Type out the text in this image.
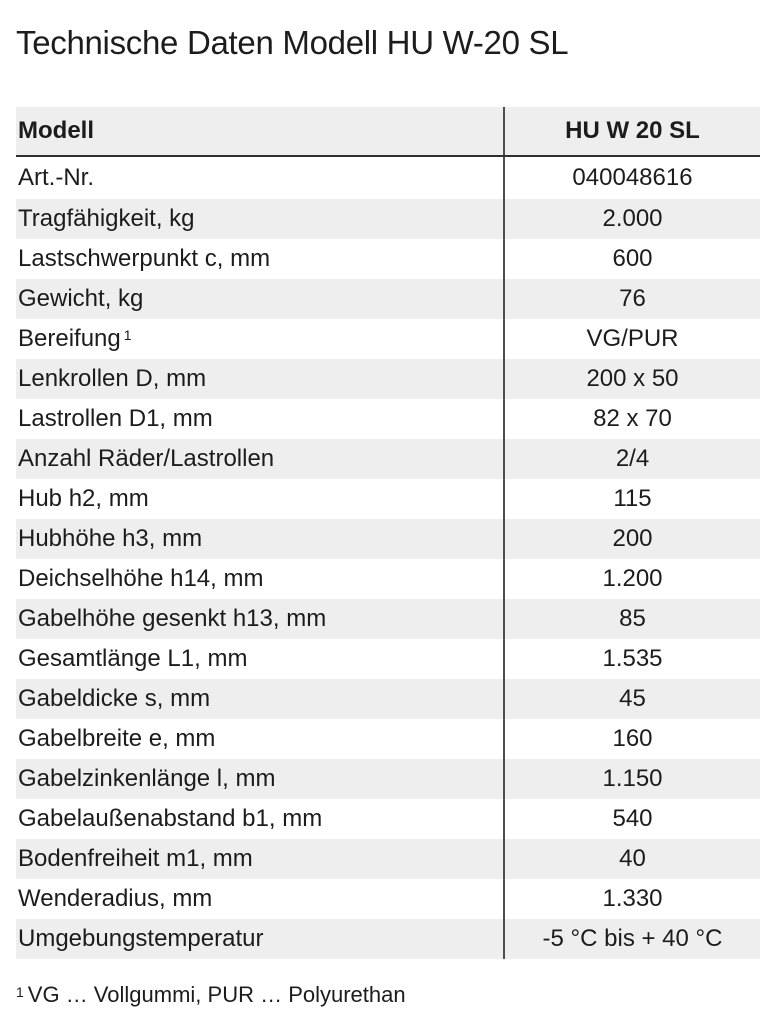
Technische Daten Modell HU W-20 SL
Modell	HU W 20 SL
Art.-Nr.	040048616
Tragfähigkeit, kg	2.000
Lastschwerpunkt c, mm	600
Gewicht, kg	76
Bereifung $^1$	VG/PUR
Lenkrollen D, mm	200 x 50
Lastrollen D1, mm	82 x 70
Anzahl Räder/Lastrollen	2/4
Hub h2, mm	115
Hubhöhe h3, mm	200
Deichselhöhe h14, mm	1.200
Gabelhöhe gesenkt h13, mm	85
Gesamtlänge L1, mm	1.535
Gabeldicke s, mm	45
Gabelbreite e, mm	160
Gabelzinkenlänge l, mm	1.150
Gabelaußenabstand b1, mm	540
Bodenfreiheit m1, mm	40
Wenderadius, mm	1.330
Umgebungstemperatur	-5 °C bis + 40 °C
$^1$ VG … Vollgummi, PUR … Polyurethan
